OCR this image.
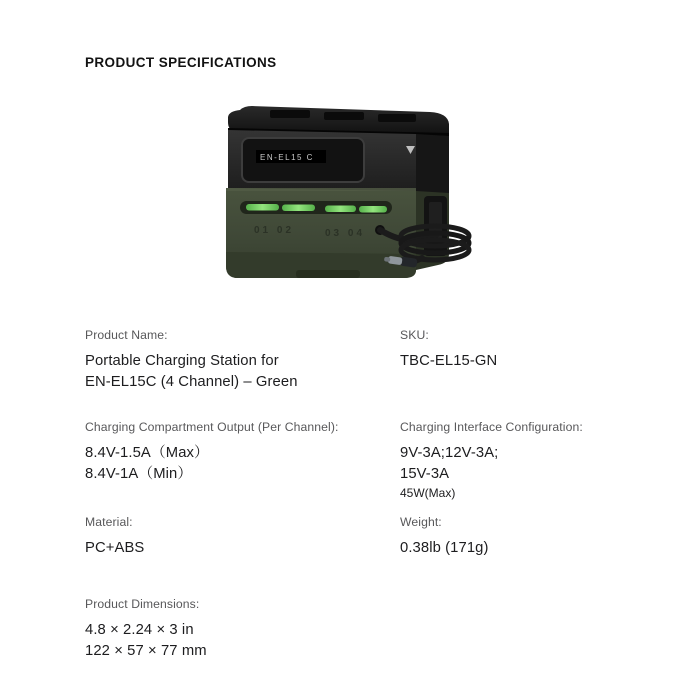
PRODUCT SPECIFICATIONS
EN-EL15 C
01 02	03 04
Product Name:
Portable Charging Station for
EN-EL15C (4 Channel) – Green
SKU:
TBC-EL15-GN
Charging Compartment Output (Per Channel):
8.4V-1.5A（Max）
8.4V-1A（Min）
Charging Interface Configuration:
9V-3A;12V-3A;
15V-3A
45W(Max)
Material:
PC+ABS
Weight:
0.38lb (171g)
Product Dimensions:
4.8 × 2.24 × 3 in
122 × 57 × 77 mm
